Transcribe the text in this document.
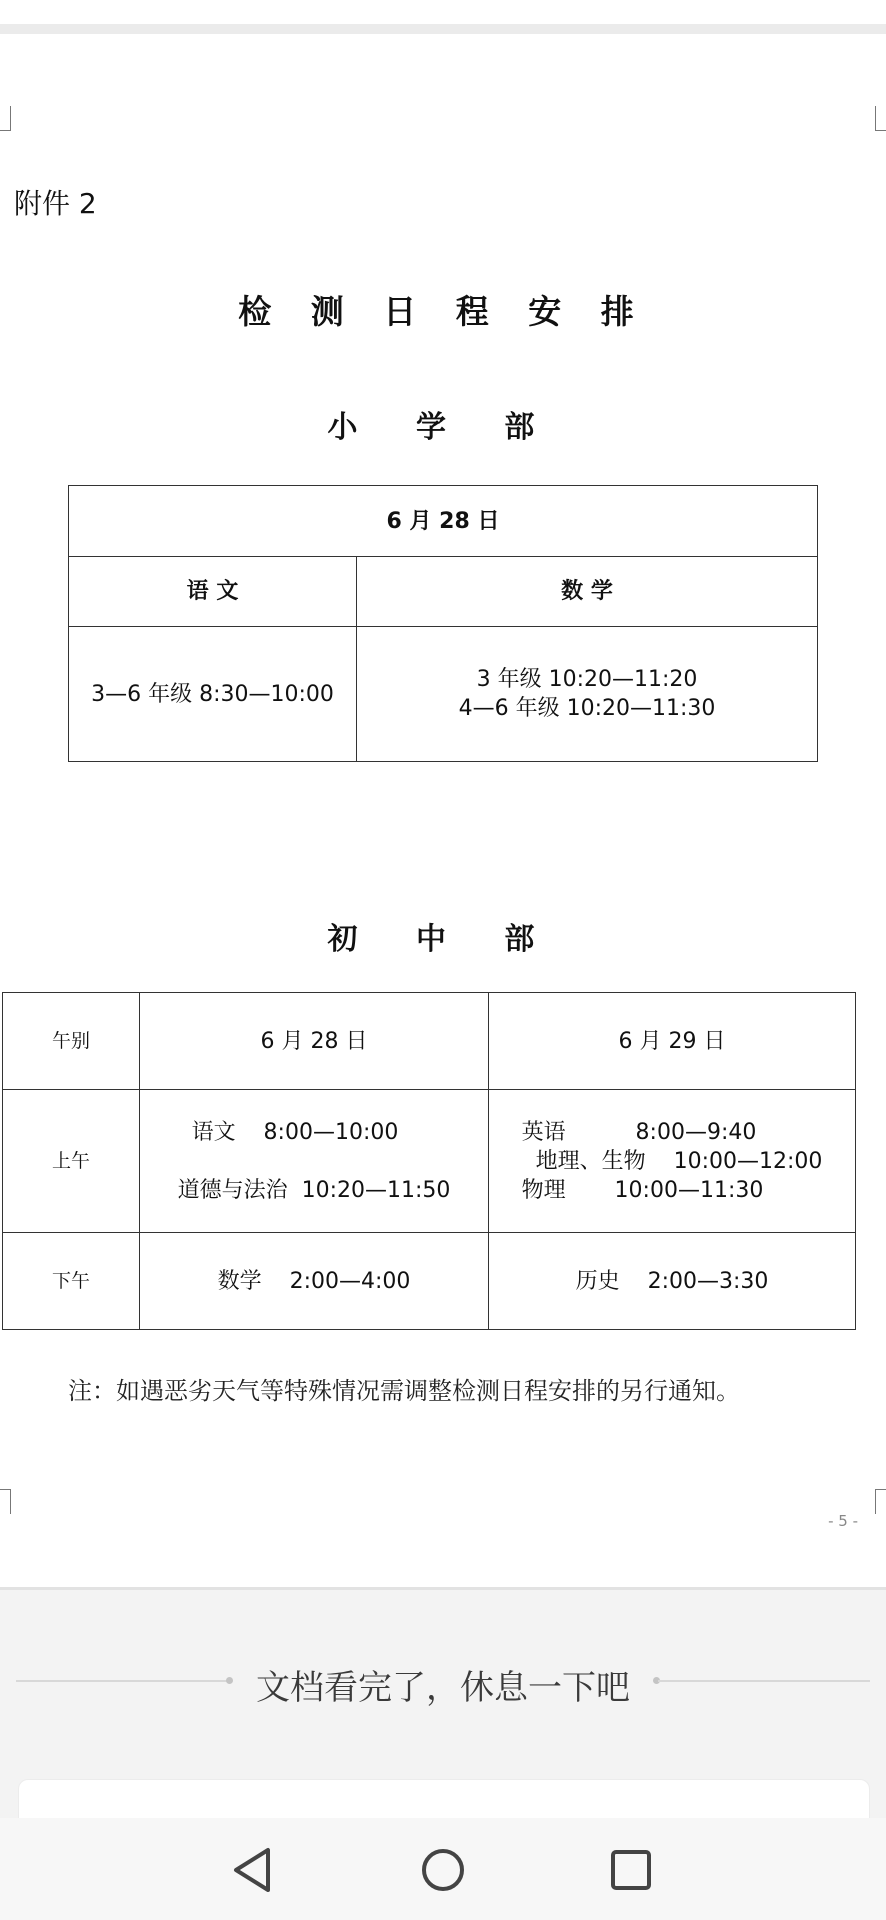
附件 2
检 测 日 程 安 排
小 学 部
6 月 28 日	
语 文	数 学
3—6 年级 8:30—10:00	3 年级 10:20—11:20
4—6 年级 10:20—11:30
初 中 部
午别	6 月 28 日	6 月 29 日
上午	语文    8:00—10:00

道德与法治  10:20—11:50	英语          8:00—9:40
地理、生物    10:00—12:00
物理       10:00—11:30
下午	数学    2:00—4:00	历史    2:00—3:30
注：如遇恶劣天气等特殊情况需调整检测日程安排的另行通知。
- 5 -
文档看完了，休息一下吧
